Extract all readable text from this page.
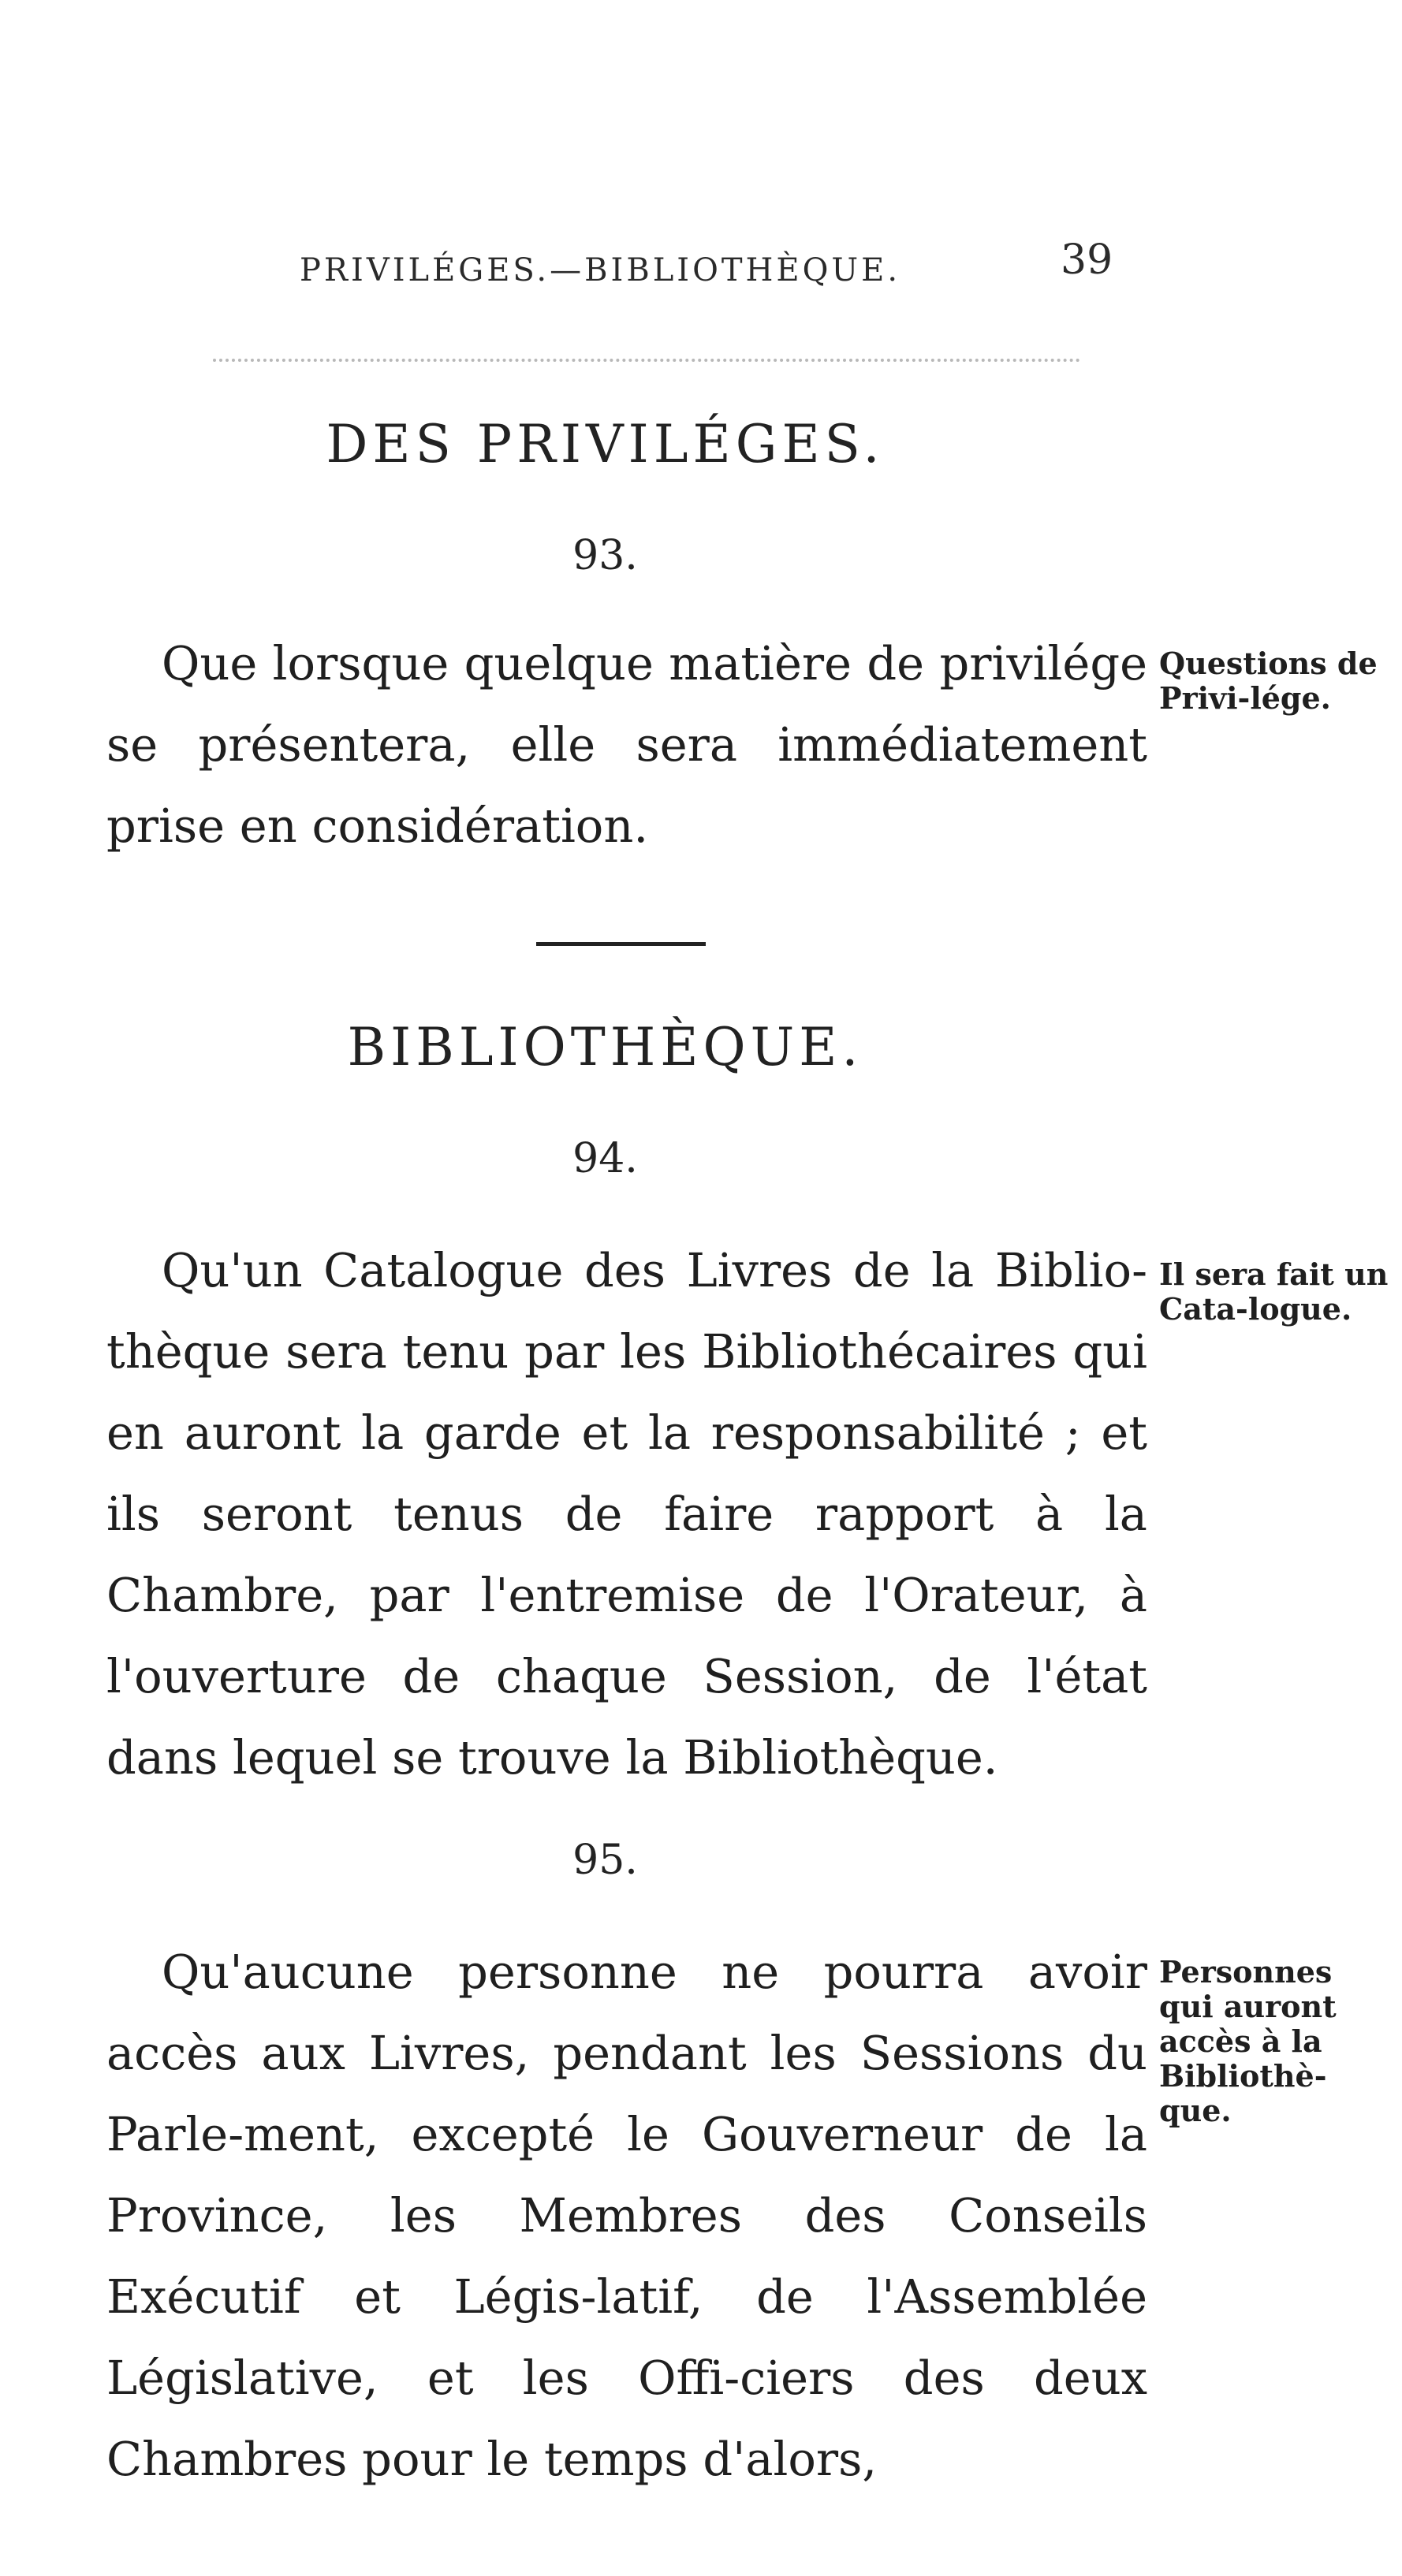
PRIVILÉGES.—BIBLIOTHÈQUE.	39
DES PRIVILÉGES.
93.
Que lorsque quelque matière de privilége se présentera, elle sera immédiatement prise en considération.
Questions de Privi-lége.
BIBLIOTHÈQUE.
94.
Qu'un Catalogue des Livres de la Biblio-thèque sera tenu par les Bibliothécaires qui en auront la garde et la responsabilité ; et ils seront tenus de faire rapport à la Chambre, par l'entremise de l'Orateur, à l'ouverture de chaque Session, de l'état dans lequel se trouve la Bibliothèque.
Il sera fait un Cata-logue.
95.
Qu'aucune personne ne pourra avoir accès aux Livres, pendant les Sessions du Parle-ment, excepté le Gouverneur de la Province, les Membres des Conseils Exécutif et Légis-latif, de l'Assemblée Législative, et les Offi-ciers des deux Chambres pour le temps d'alors,
Personnes qui auront accès à la Bibliothè-que.
